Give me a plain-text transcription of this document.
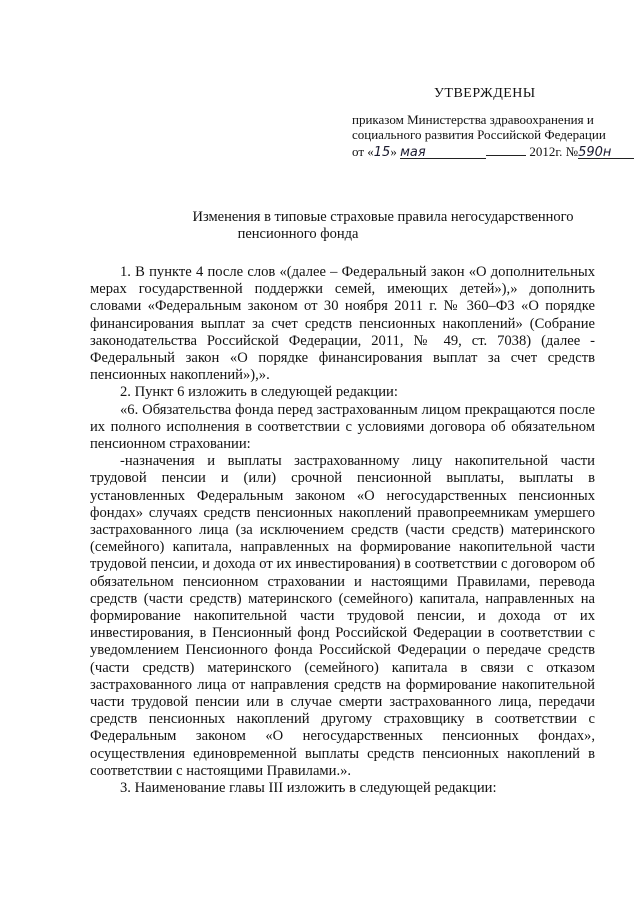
УТВЕРЖДЕНЫ
приказом Министерства здравоохранения и
социального развития Российской Федерации
от «15» мая	2012г. №590н
Изменения в типовые страховые правила негосударственного
пенсионного фонда

1. В пункте 4 после слов «(далее – Федеральный закон «О дополнительных мерах государственной поддержки семей, имеющих детей»),» дополнить словами «Федеральным законом от 30 ноября 2011 г. № 360–ФЗ «О порядке финансирования выплат за счет средств пенсионных накоплений» (Собрание законодательства Российской Федерации, 2011, № 49, ст. 7038) (далее - Федеральный закон «О порядке финансирования выплат за счет средств пенсионных накоплений»),».

2. Пункт 6 изложить в следующей редакции:

«6. Обязательства фонда перед застрахованным лицом прекращаются после их полного исполнения в соответствии с условиями договора об обязательном пенсионном страховании:

-назначения и выплаты застрахованному лицу накопительной части трудовой пенсии и (или) срочной пенсионной выплаты, выплаты в установленных Федеральным законом «О негосударственных пенсионных фондах» случаях средств пенсионных накоплений правопреемникам умершего застрахованного лица (за исключением средств (части средств) материнского (семейного) капитала, направленных на формирование накопительной части трудовой пенсии, и дохода от их инвестирования) в соответствии с договором об обязательном пенсионном страховании и настоящими Правилами, перевода средств (части средств) материнского (семейного) капитала, направленных на формирование накопительной части трудовой пенсии, и дохода от их инвестирования, в Пенсионный фонд Российской Федерации в соответствии с уведомлением Пенсионного фонда Российской Федерации о передаче средств (части средств) материнского (семейного) капитала в связи с отказом застрахованного лица от направления средств на формирование накопительной части трудовой пенсии или в случае смерти застрахованного лица, передачи средств пенсионных накоплений другому страховщику в соответствии с Федеральным законом «О негосударственных пенсионных фондах», осуществления единовременной выплаты средств пенсионных накоплений в соответствии с настоящими Правилами.».

3. Наименование главы III изложить в следующей редакции:
